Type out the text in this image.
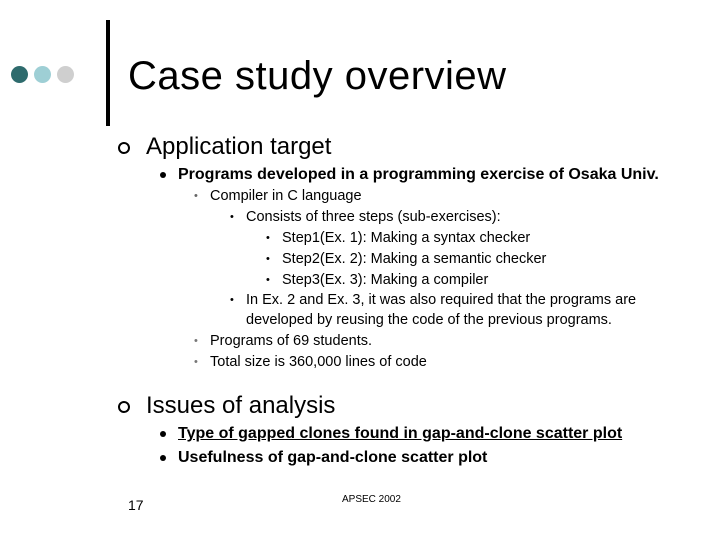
Case study overview
Application target
Programs developed in a programming exercise of Osaka Univ.
• Compiler in C language
• Consists of three steps (sub-exercises):
• Step1(Ex. 1): Making a syntax checker
• Step2(Ex. 2): Making a semantic checker
• Step3(Ex. 3): Making a compiler
• In Ex. 2 and Ex. 3, it was also required that the programs are
developed by reusing the code of the previous programs.
• Programs of 69 students.
• Total size is 360,000 lines of code
Issues of analysis
Type of gapped clones found in gap-and-clone scatter plot
Usefulness of gap-and-clone scatter plot
17	APSEC 2002
